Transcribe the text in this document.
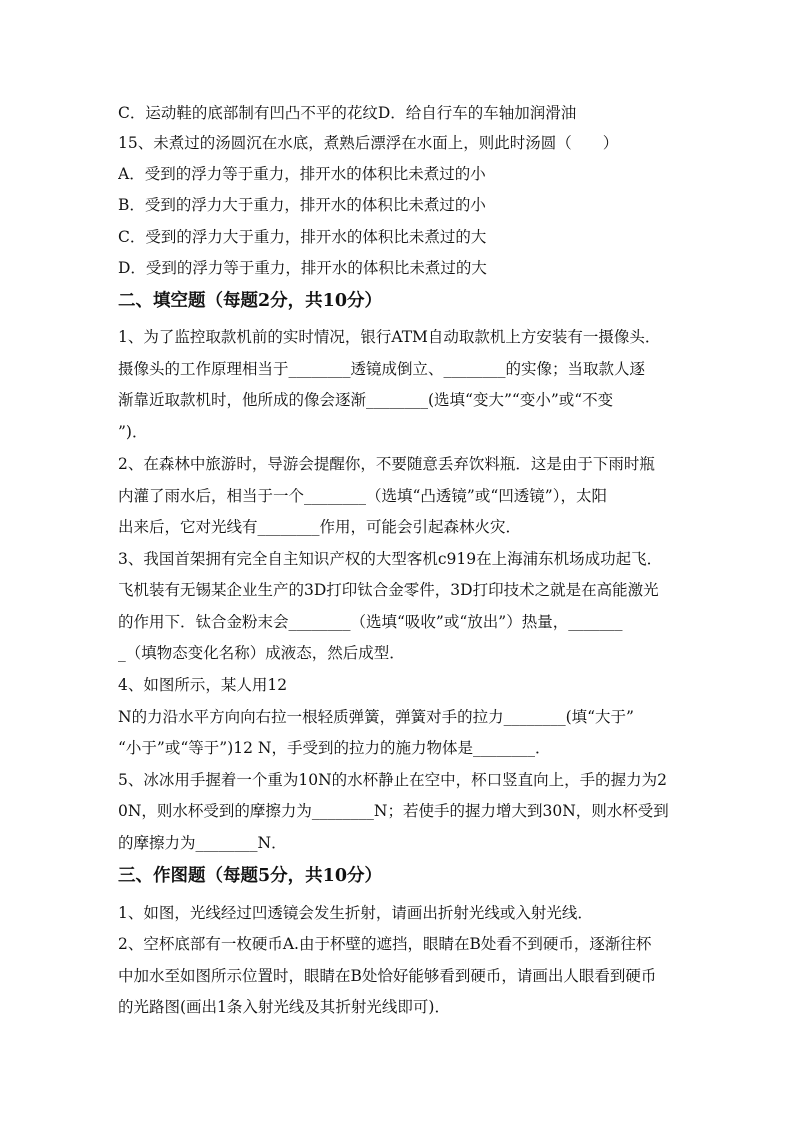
C．运动鞋的底部制有凹凸不平的花纹D．给自行车的车轴加润滑油
15、未煮过的汤圆沉在水底，煮熟后漂浮在水面上，则此时汤圆（　　）
A．受到的浮力等于重力，排开水的体积比未煮过的小
B．受到的浮力大于重力，排开水的体积比未煮过的小
C．受到的浮力大于重力，排开水的体积比未煮过的大
D．受到的浮力等于重力，排开水的体积比未煮过的大
二、填空题（每题2分，共10分）
1、为了监控取款机前的实时情况，银行ATM自动取款机上方安装有一摄像头．
摄像头的工作原理相当于________透镜成倒立、________的实像；当取款人逐
渐靠近取款机时，他所成的像会逐渐________(选填“变大”“变小”或“不变
”)．
2、在森林中旅游时，导游会提醒你，不要随意丢弃饮料瓶．这是由于下雨时瓶
内灌了雨水后，相当于一个________（选填“凸透镜”或“凹透镜”），太阳
出来后，它对光线有________作用，可能会引起森林火灾．
3、我国首架拥有完全自主知识产权的大型客机c919在上海浦东机场成功起飞．
飞机装有无锡某企业生产的3D打印钛合金零件，3D打印技术之就是在高能激光
的作用下．钛合金粉末会________（选填“吸收”或“放出”）热量，_______
_（填物态变化名称）成液态，然后成型．
4、如图所示，某人用12
N的力沿水平方向向右拉一根轻质弹簧，弹簧对手的拉力________(填“大于”
“小于”或“等于”)12 N，手受到的拉力的施力物体是________．
5、冰冰用手握着一个重为10N的水杯静止在空中，杯口竖直向上，手的握力为2
0N，则水杯受到的摩擦力为________N；若使手的握力增大到30N，则水杯受到
的摩擦力为________N．
三、作图题（每题5分，共10分）
1、如图，光线经过凹透镜会发生折射，请画出折射光线或入射光线．
2、空杯底部有一枚硬币A.由于杯壁的遮挡，眼睛在B处看不到硬币，逐渐往杯
中加水至如图所示位置时，眼睛在B处恰好能够看到硬币，请画出人眼看到硬币
的光路图(画出1条入射光线及其折射光线即可)．
